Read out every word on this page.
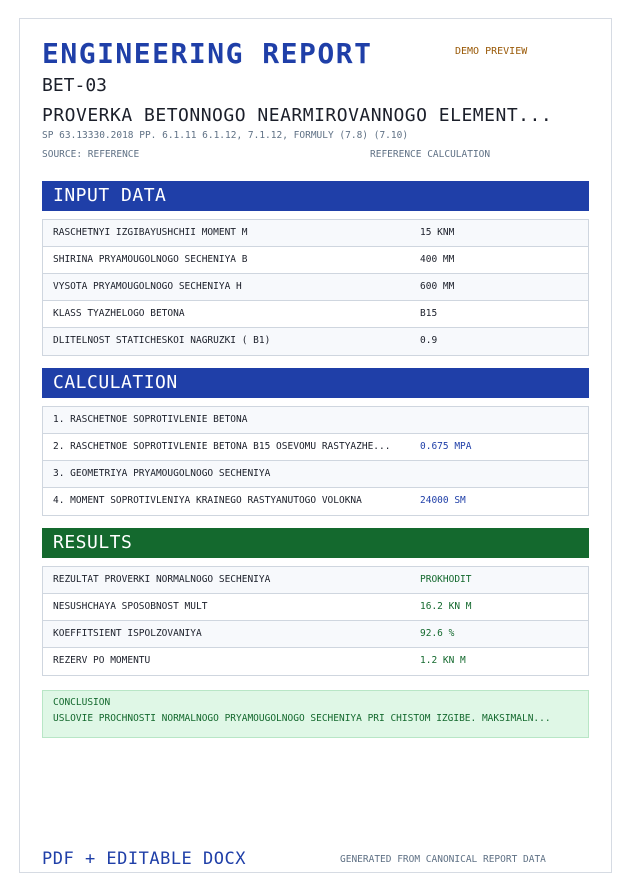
ENGINEERING REPORT	DEMO PREVIEW
BET-03
PROVERKA BETONNOGO NEARMIROVANNOGO ELEMENT...
SP 63.13330.2018 PP. 6.1.11 6.1.12, 7.1.12, FORMULY (7.8) (7.10)
SOURCE: REFERENCE	REFERENCE CALCULATION
INPUT DATA
RASCHETNYI IZGIBAYUSHCHII MOMENT M	15 KNM
SHIRINA PRYAMOUGOLNOGO SECHENIYA B	400 MM
VYSOTA PRYAMOUGOLNOGO SECHENIYA H	600 MM
KLASS TYAZHELOGO BETONA	B15
DLITELNOST STATICHESKOI NAGRUZKI ( B1)	0.9
CALCULATION
1. RASCHETNOE SOPROTIVLENIE BETONA
2. RASCHETNOE SOPROTIVLENIE BETONA B15 OSEVOMU RASTYAZHE...	0.675 MPA
3. GEOMETRIYA PRYAMOUGOLNOGO SECHENIYA
4. MOMENT SOPROTIVLENIYA KRAINEGO RASTYANUTOGO VOLOKNA	24000 SM
RESULTS
REZULTAT PROVERKI NORMALNOGO SECHENIYA	PROKHODIT
NESUSHCHAYA SPOSOBNOST MULT	16.2 KN M
KOEFFITSIENT ISPOLZOVANIYA	92.6 %
REZERV PO MOMENTU	1.2 KN M
CONCLUSION
USLOVIE PROCHNOSTI NORMALNOGO PRYAMOUGOLNOGO SECHENIYA PRI CHISTOM IZGIBE. MAKSIMALN...
PDF + EDITABLE DOCX	GENERATED FROM CANONICAL REPORT DATA
